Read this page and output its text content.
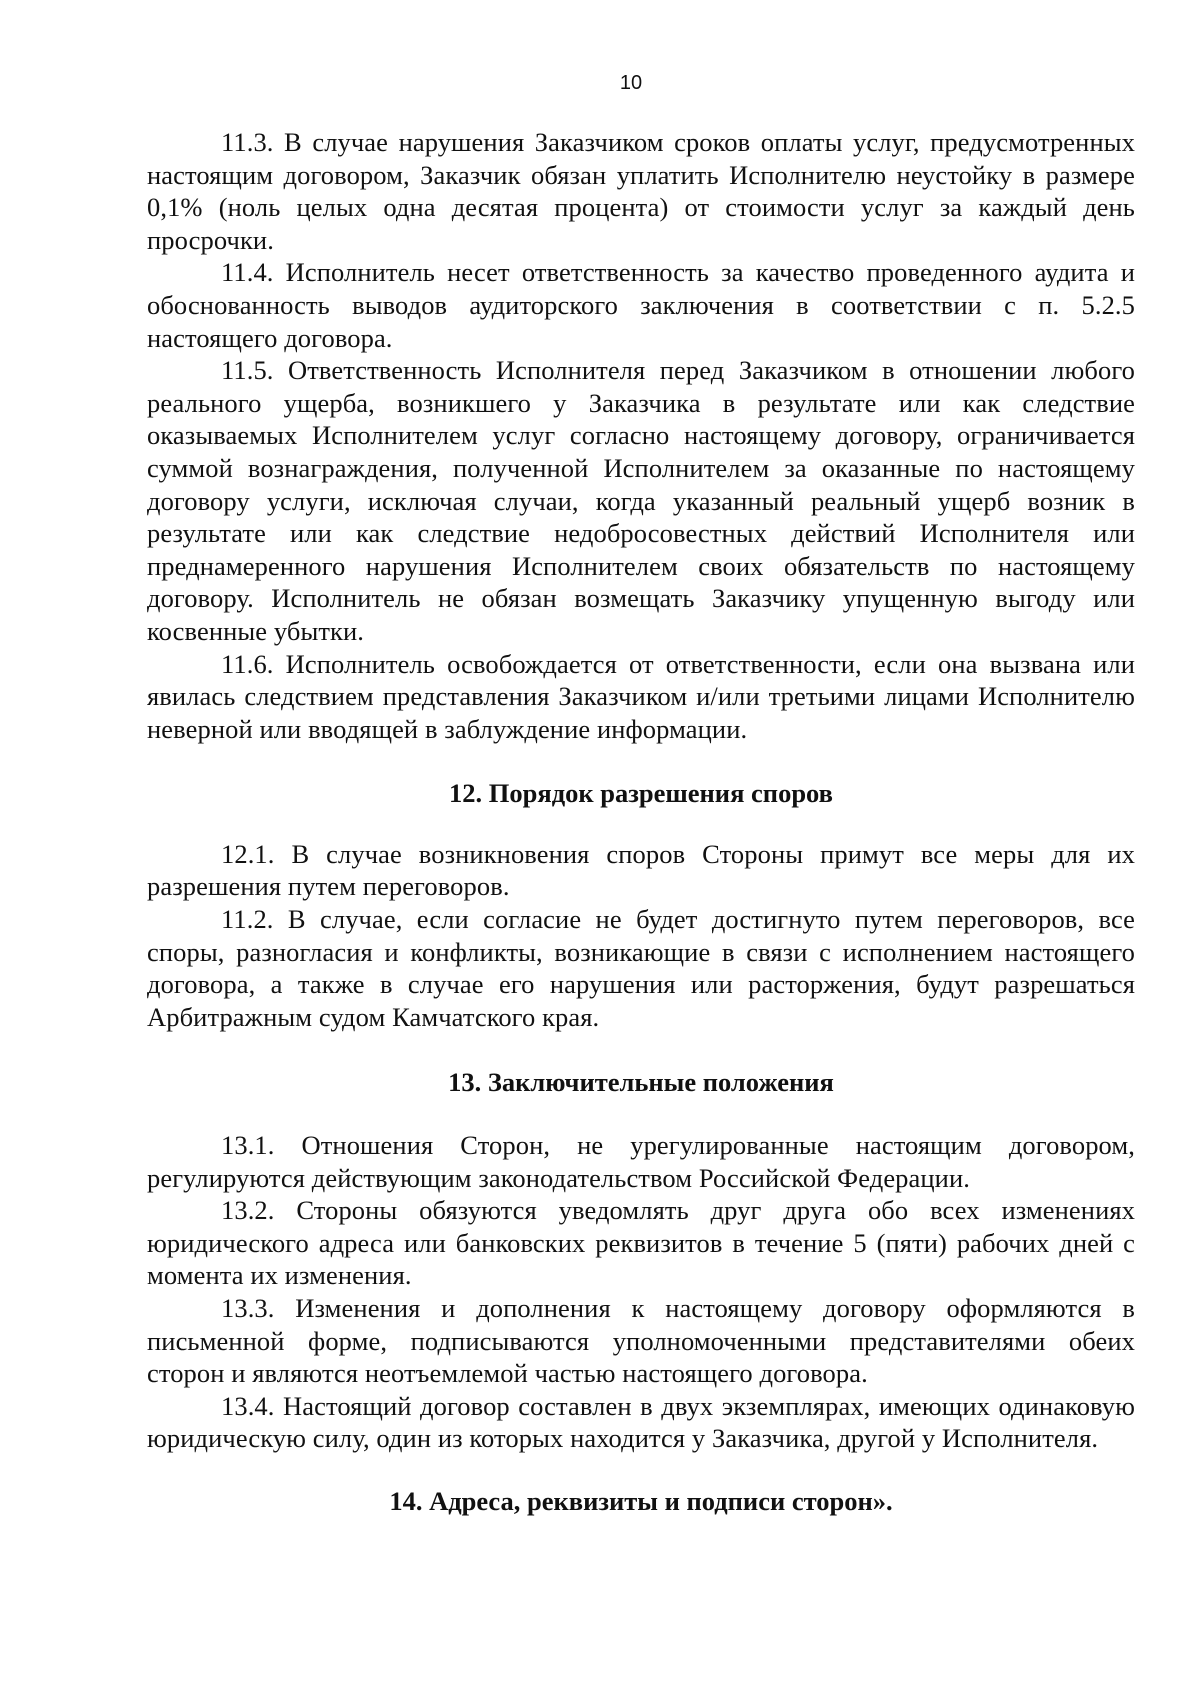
10

11.3. В случае нарушения Заказчиком сроков оплаты услуг, предусмотренных настоящим договором, Заказчик обязан уплатить Исполнителю неустойку в размере 0,1% (ноль целых одна десятая процента) от стоимости услуг за каждый день просрочки.

11.4. Исполнитель несет ответственность за качество проведенного аудита и обоснованность выводов аудиторского заключения в соответствии с п. 5.2.5 настоящего договора.

11.5. Ответственность Исполнителя перед Заказчиком в отношении любого реального ущерба, возникшего у Заказчика в результате или как следствие оказываемых Исполнителем услуг согласно настоящему договору, ограничивается суммой вознаграждения, полученной Исполнителем за оказанные по настоящему договору услуги, исключая случаи, когда указанный реальный ущерб возник в результате или как следствие недобросовестных действий Исполнителя или преднамеренного нарушения Исполнителем своих обязательств по настоящему договору. Исполнитель не обязан возмещать Заказчику упущенную выгоду или косвенные убытки.

11.6. Исполнитель освобождается от ответственности, если она вызвана или явилась следствием представления Заказчиком и/или третьими лицами Исполнителю неверной или вводящей в заблуждение информации.

12. Порядок разрешения споров

12.1. В случае возникновения споров Стороны примут все меры для их разрешения путем переговоров.

11.2. В случае, если согласие не будет достигнуто путем переговоров, все споры, разногласия и конфликты, возникающие в связи с исполнением настоящего договора, а также в случае его нарушения или расторжения, будут разрешаться Арбитражным судом Камчатского края.

13. Заключительные положения

13.1. Отношения Сторон, не урегулированные настоящим договором, регулируются действующим законодательством Российской Федерации.

13.2. Стороны обязуются уведомлять друг друга обо всех изменениях юридического адреса или банковских реквизитов в течение 5 (пяти) рабочих дней с момента их изменения.

13.3. Изменения и дополнения к настоящему договору оформляются в письменной форме, подписываются уполномоченными представителями обеих сторон и являются неотъемлемой частью настоящего договора.

13.4. Настоящий договор составлен в двух экземплярах, имеющих одинаковую юридическую силу, один из которых находится у Заказчика, другой у Исполнителя.

14. Адреса, реквизиты и подписи сторон».
